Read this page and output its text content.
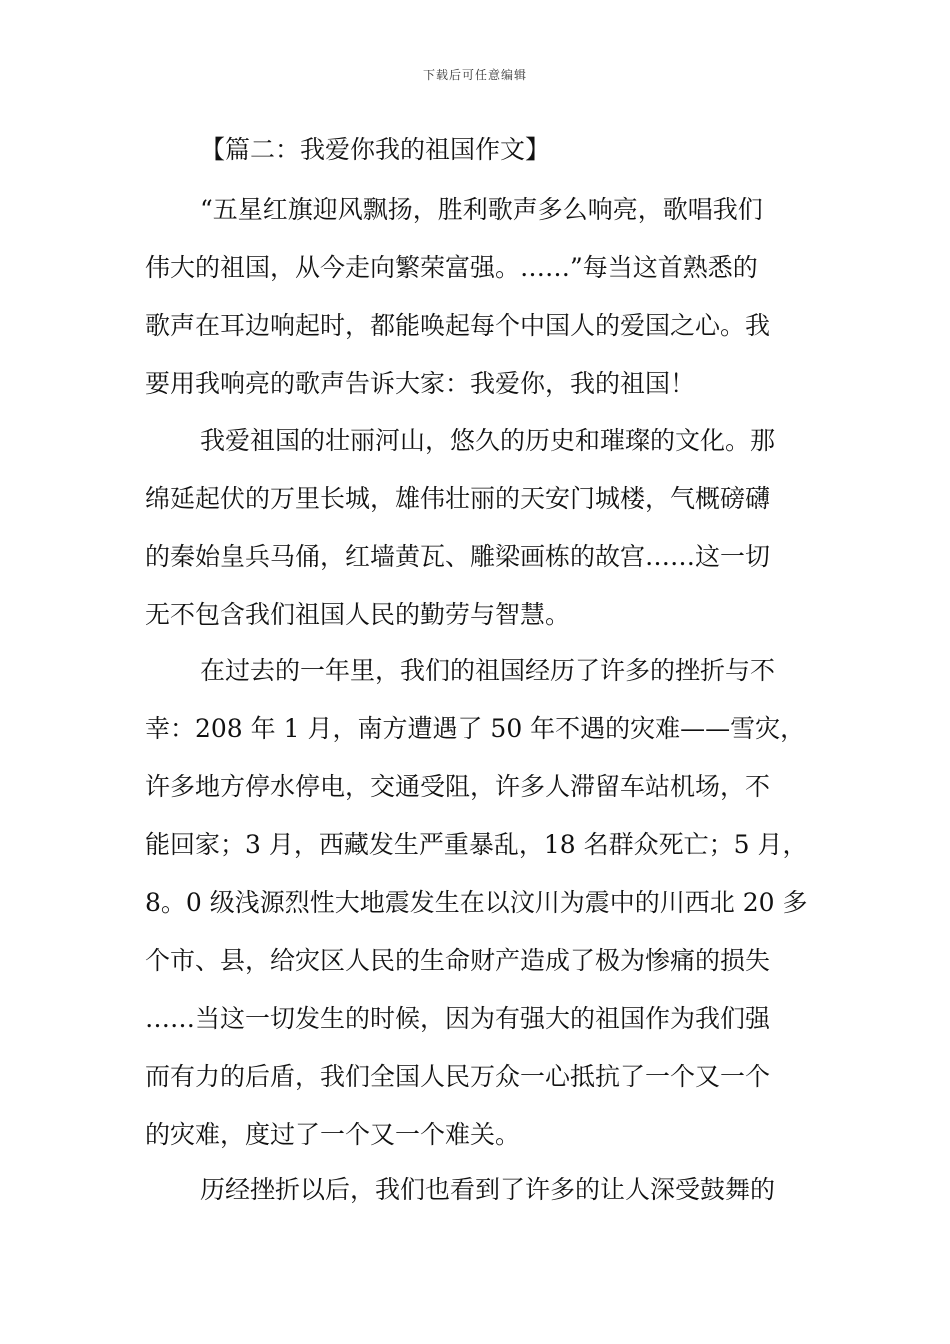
下载后可任意编辑
【篇二：我爱你我的祖国作文】

“五星红旗迎风飘扬，胜利歌声多么响亮，歌唱我们
伟大的祖国，从今走向繁荣富强。……”每当这首熟悉的
歌声在耳边响起时，都能唤起每个中国人的爱国之心。我
要用我响亮的歌声告诉大家：我爱你，我的祖国！

我爱祖国的壮丽河山，悠久的历史和璀璨的文化。那
绵延起伏的万里长城，雄伟壮丽的天安门城楼，气概磅礴
的秦始皇兵马俑，红墙黄瓦、雕梁画栋的故宫……这一切
无不包含我们祖国人民的勤劳与智慧。

在过去的一年里，我们的祖国经历了许多的挫折与不
幸：208 年 1 月，南方遭遇了 50 年不遇的灾难——雪灾，
许多地方停水停电，交通受阻，许多人滞留车站机场，不
能回家；3 月，西藏发生严重暴乱，18 名群众死亡；5 月，
8。0 级浅源烈性大地震发生在以汶川为震中的川西北 20 多
个市、县，给灾区人民的生命财产造成了极为惨痛的损失
……当这一切发生的时候，因为有强大的祖国作为我们强
而有力的后盾，我们全国人民万众一心抵抗了一个又一个
的灾难，度过了一个又一个难关。

历经挫折以后，我们也看到了许多的让人深受鼓舞的
